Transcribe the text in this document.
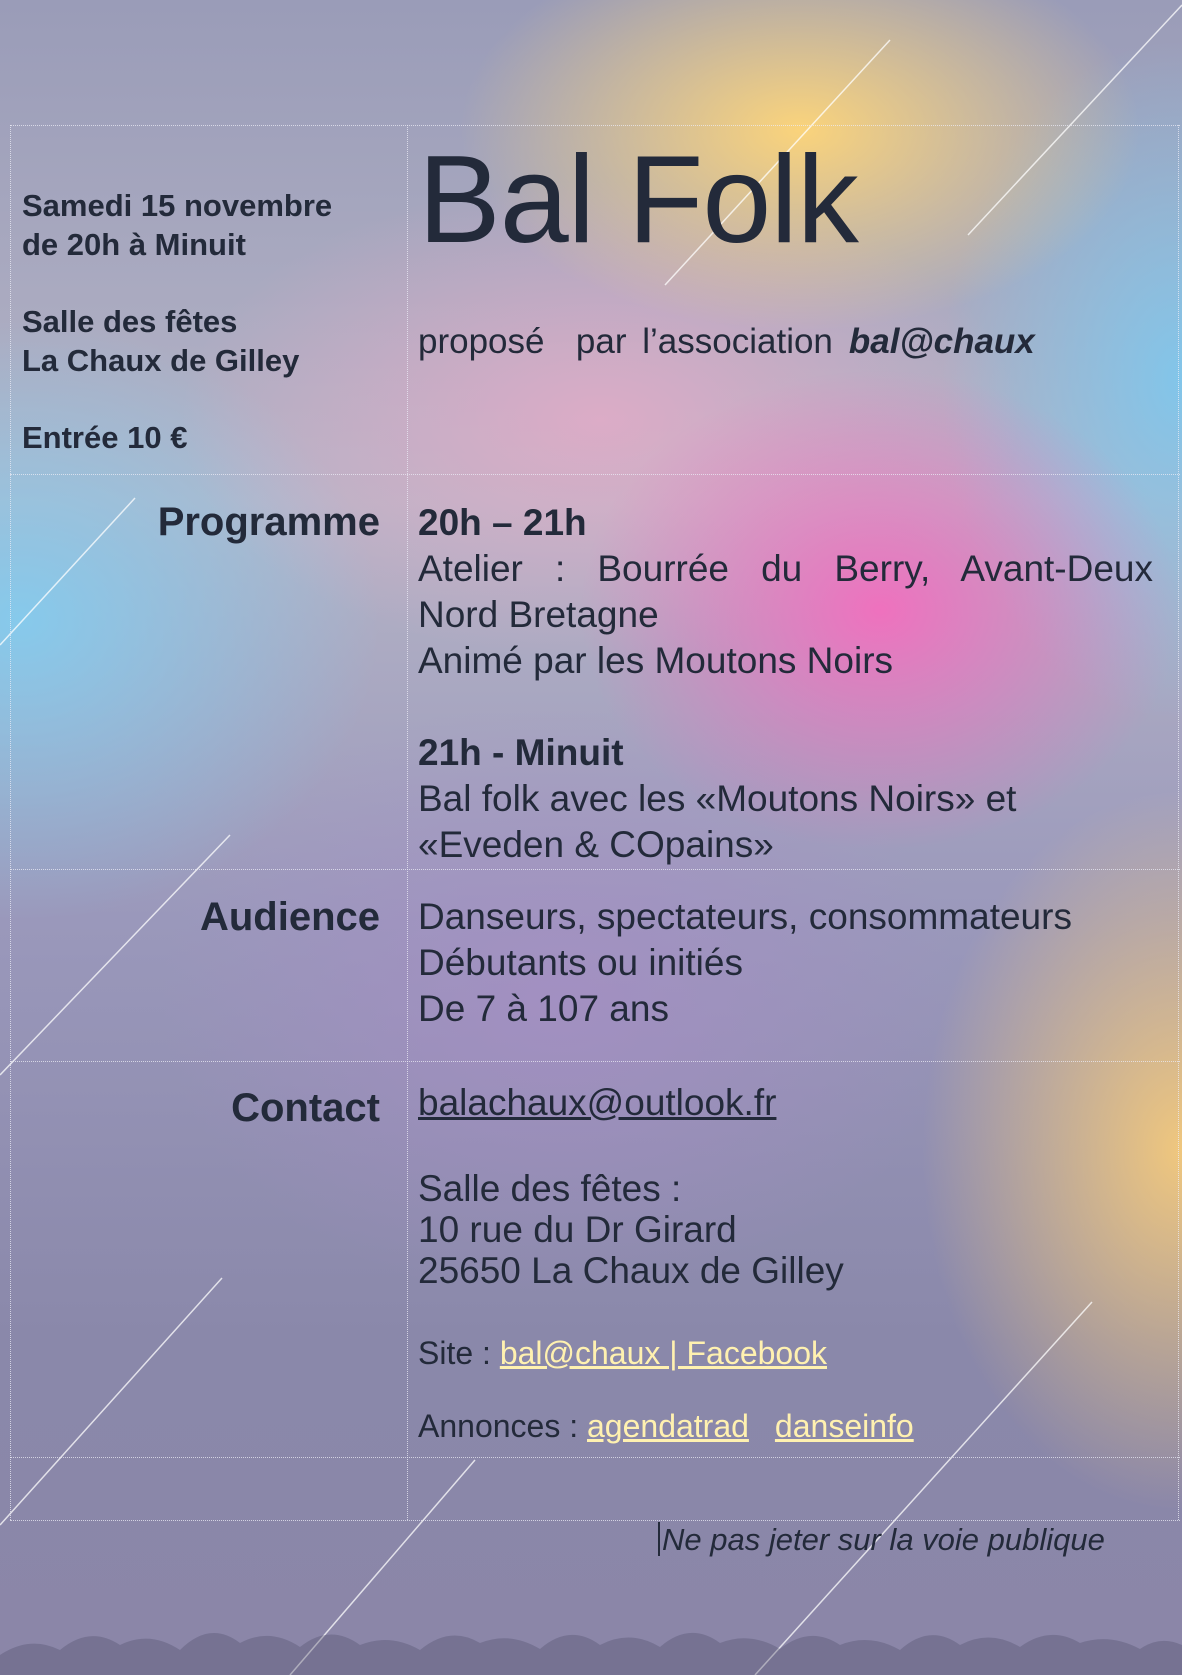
Samedi 15 novembre

de 20h à Minuit

Salle des fêtes

La Chaux de Gilley

Entrée 10 €

Bal Folk
proposé  par l’association bal@chaux

Programme 20h – 21h

Atelier : Bourrée du Berry, Avant-Deux

Nord Bretagne

Animé par les Moutons Noirs

21h - Minuit

Bal folk avec les «Moutons Noirs» et

«Eveden & COpains»

Audience Danseurs, spectateurs, consommateurs

Débutants ou initiés

De 7 à 107 ans

Contact balachaux@outlook.fr

Salle des fêtes :

10 rue du Dr Girard

25650 La Chaux de Gilley

Site : bal@chaux | Facebook

Annonces : agendatrad danseinfo

Ne pas jeter sur la voie publique
